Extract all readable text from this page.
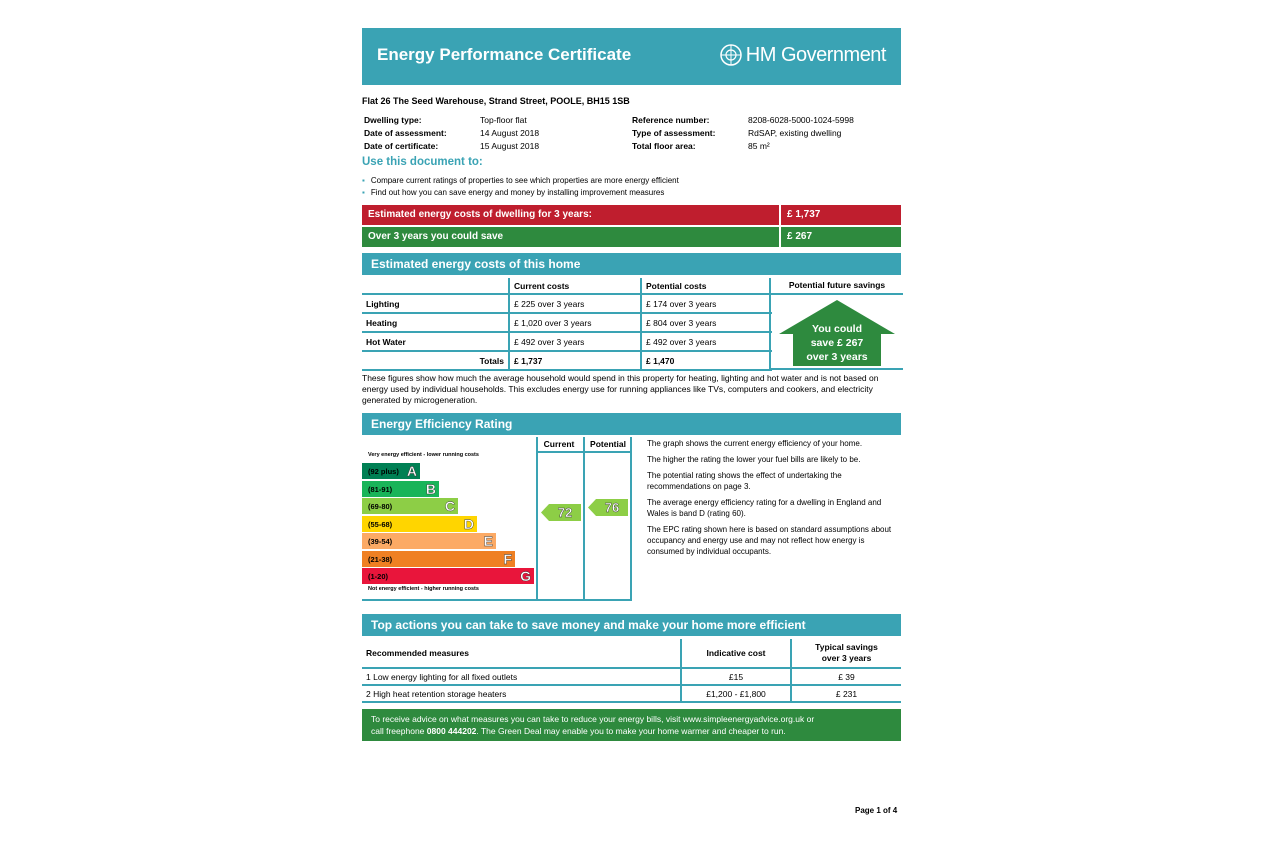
Energy Performance Certificate	HM Government
Flat 26 The Seed Warehouse, Strand Street, POOLE, BH15 1SB
Dwelling type:	Top-floor flat
Date of assessment:	14 August 2018
Date of certificate:	15 August 2018
Reference number:	8208-6028-5000-1024-5998
Type of assessment:	RdSAP, existing dwelling
Total floor area:	85 m²
Use this document to:
▪ Compare current ratings of properties to see which properties are more energy efficient
▪ Find out how you can save energy and money by installing improvement measures
Estimated energy costs of dwelling for 3 years:	£ 1,737
Over 3 years you could save	£ 267
Estimated energy costs of this home
	Current costs	Potential costs
Lighting	£ 225 over 3 years	£ 174 over 3 years
Heating	£ 1,020 over 3 years	£ 804 over 3 years
Hot Water	£ 492 over 3 years	£ 492 over 3 years
Totals	£ 1,737	£ 1,470
Potential future savings
You could
save £ 267
over 3 years
These figures show how much the average household would spend in this property for heating, lighting and hot water and is not based on energy used by individual households. This excludes energy use for running appliances like TVs, computers and cookers, and electricity generated by microgeneration.
Energy Efficiency Rating
Current	Potential
Very energy efficient - lower running costs
(92 plus) A
(81-91) B
(69-80)	C
(55-68)	D
(39-54)	E
(21-38)	F
(1-20)	G
Not energy efficient - higher running costs
72	76

The graph shows the current energy efficiency of your home.

The higher the rating the lower your fuel bills are likely to be.

The potential rating shows the effect of undertaking the recommendations on page 3.

The average energy efficiency rating for a dwelling in England and Wales is band D (rating 60).

The EPC rating shown here is based on standard assumptions about occupancy and energy use and may not reflect how energy is consumed by individual occupants.

Top actions you can take to save money and make your home more efficient
Recommended measures	Indicative cost	Typical savings
over 3 years

1 Low energy lighting for all fixed outlets	£15	£ 39
2 High heat retention storage heaters	£1,200 - £1,800	£ 231
To receive advice on what measures you can take to reduce your energy bills, visit www.simpleenergyadvice.org.uk or
call freephone 0800 444202. The Green Deal may enable you to make your home warmer and cheaper to run.
Page 1 of 4
